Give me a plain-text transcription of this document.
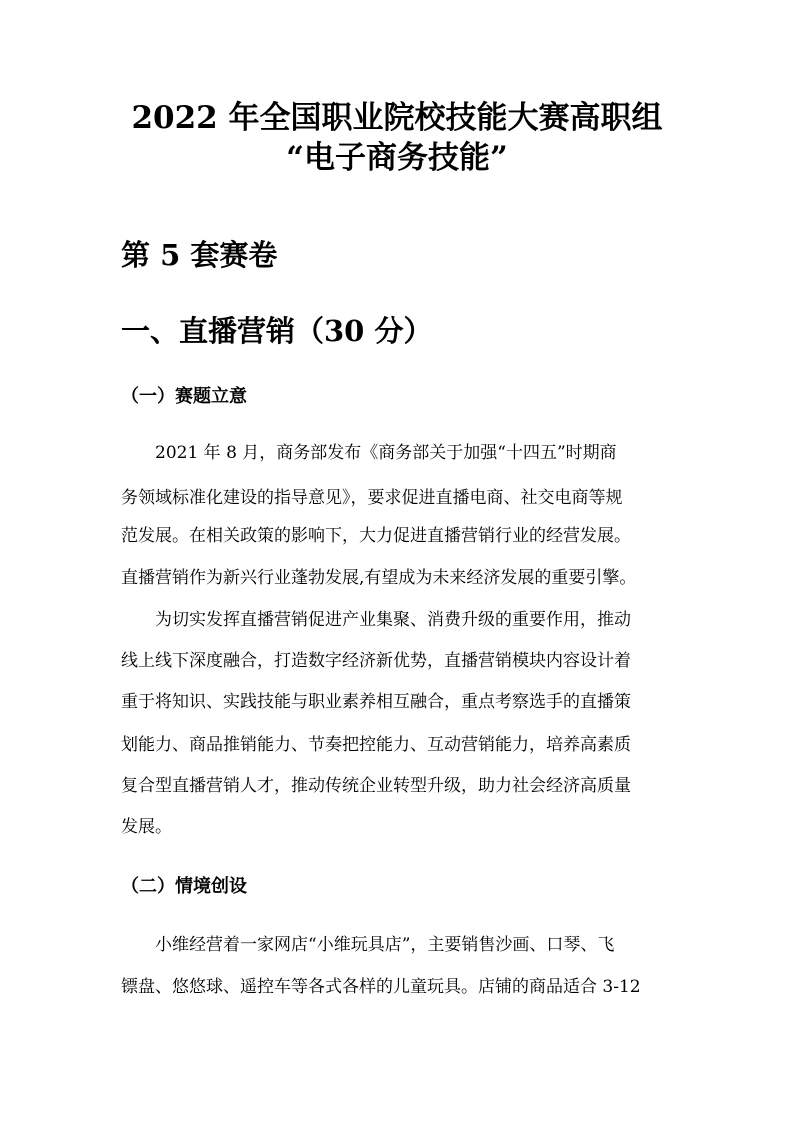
2022 年全国职业院校技能大赛高职组
“电子商务技能”
第 5 套赛卷
一、直播营销（30 分）
（一）赛题立意
2021 年 8 月，商务部发布《商务部关于加强“十四五”时期商
务领域标准化建设的指导意见》，要求促进直播电商、社交电商等规
范发展。在相关政策的影响下，大力促进直播营销行业的经营发展。
直播营销作为新兴行业蓬勃发展,有望成为未来经济发展的重要引擎。
为切实发挥直播营销促进产业集聚、消费升级的重要作用，推动
线上线下深度融合，打造数字经济新优势，直播营销模块内容设计着
重于将知识、实践技能与职业素养相互融合，重点考察选手的直播策
划能力、商品推销能力、节奏把控能力、互动营销能力，培养高素质
复合型直播营销人才，推动传统企业转型升级，助力社会经济高质量
发展。
（二）情境创设
小维经营着一家网店“小维玩具店”，主要销售沙画、口琴、飞
镖盘、悠悠球、遥控车等各式各样的儿童玩具。店铺的商品适合 3-12
